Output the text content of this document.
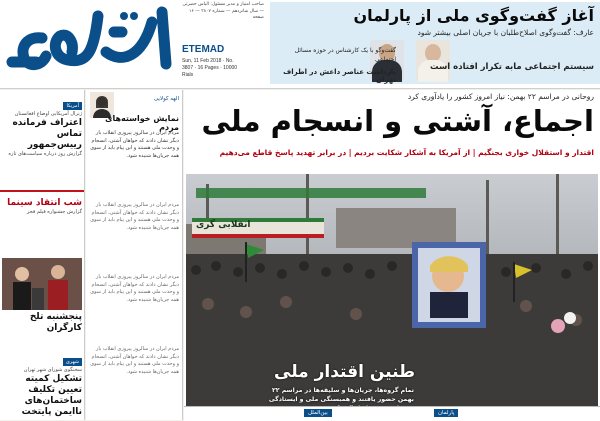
صاحب امتیاز و مدیر مسئول: الیاس حضرتی — سال شانزدهم — شماره ۳۸۰۷ — ۱۶ صفحه
ETEMAD
Sun, 11 Feb 2018 · No. 3807 · 16 Pages · 10000 Rials
آغاز گفت‌وگوی ملی از پارلمان
عارف: گفت‌وگوی اصلاح‌طلبان با جریان اصلی بیشتر شود
سیستم اجتماعی مابه تکرار افتاده است
گفت‌وگو با یک کارشناس در حوزه مسائل اجتماعی
بازداشت عناصر داعش در اطراف تهران
آمریکا
ژنرال آمریکایی اوضاع افغانستان
اعتراف فرمانده تماس رییس‌جمهور
گزارش روز درباره سیاست‌های تازه
شب انتقاد سینما
گزارش جشنواره فیلم فجر
پنجشنبه تلخ کارگران
شهری
سخنگوی شورای شهر تهران
تشکیل کمیته تعیین تکلیف ساختمان‌های ناایمن پایتخت
الهه کولایی
نمایش خواسته‌های مردم
مردم ایران در سالروز پیروزی انقلاب بار دیگر نشان دادند که خواهان آشتی، انسجام و وحدت ملی هستند و این پیام باید از سوی همه جریان‌ها شنیده شود.
مردم ایران در سالروز پیروزی انقلاب بار دیگر نشان دادند که خواهان آشتی، انسجام و وحدت ملی هستند و این پیام باید از سوی همه جریان‌ها شنیده شود.
مردم ایران در سالروز پیروزی انقلاب بار دیگر نشان دادند که خواهان آشتی، انسجام و وحدت ملی هستند و این پیام باید از سوی همه جریان‌ها شنیده شود.
مردم ایران در سالروز پیروزی انقلاب بار دیگر نشان دادند که خواهان آشتی، انسجام و وحدت ملی هستند و این پیام باید از سوی همه جریان‌ها شنیده شود.
روحانی در مراسم ۲۲ بهمن: نیاز امروز کشور را یادآوری کرد
اجماع، آشتی و انسجام ملی
اقتدار و استقلال خواری بجنگیم | از آمریکا به آشکار شکایت بردیم | در برابر تهدید پاسخ قاطع می‌دهیم
طنین اقتدار ملی
تمام گروه‌ها، جریان‌ها و سلیقه‌ها در مراسم ۲۲ بهمن حضور یافتند و همبستگی ملی و ایستادگی
انقلابی گری
پارلمان
بین‌الملل
